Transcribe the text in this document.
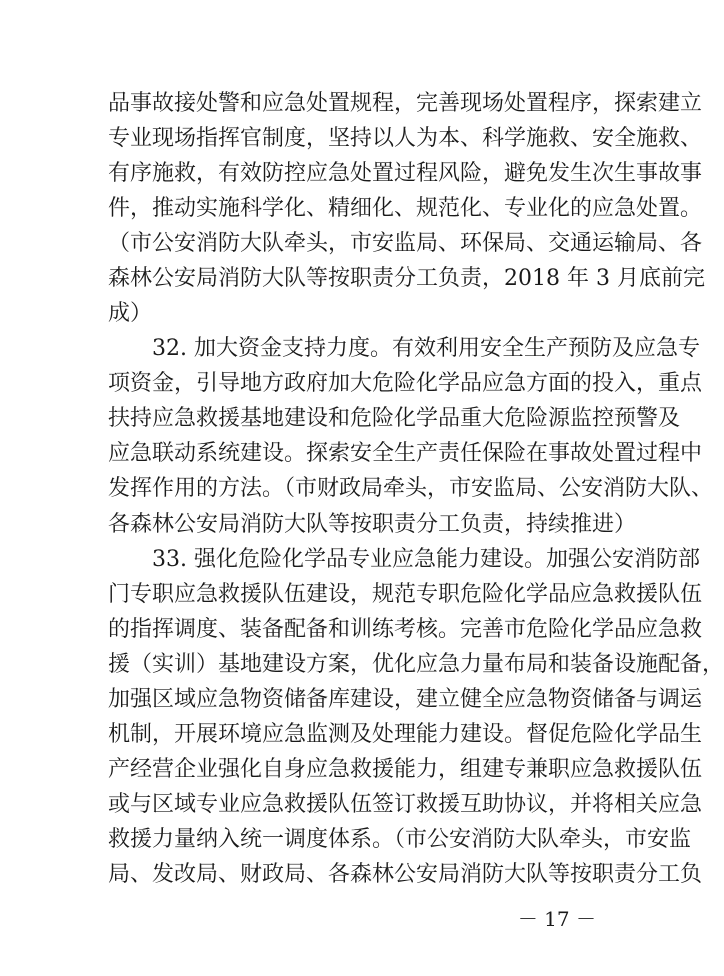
品事故接处警和应急处置规程，完善现场处置程序，探索建立
专业现场指挥官制度，坚持以人为本、科学施救、安全施救、
有序施救，有效防控应急处置过程风险，避免发生次生事故事
件，推动实施科学化、精细化、规范化、专业化的应急处置。
（市公安消防大队牵头，市安监局、环保局、交通运输局、各
森林公安局消防大队等按职责分工负责，2018 年 3 月底前完
成）
32. 加大资金支持力度。有效利用安全生产预防及应急专
项资金，引导地方政府加大危险化学品应急方面的投入，重点
扶持应急救援基地建设和危险化学品重大危险源监控预警及
应急联动系统建设。探索安全生产责任保险在事故处置过程中
发挥作用的方法。（市财政局牵头，市安监局、公安消防大队、
各森林公安局消防大队等按职责分工负责，持续推进）
33. 强化危险化学品专业应急能力建设。加强公安消防部
门专职应急救援队伍建设，规范专职危险化学品应急救援队伍
的指挥调度、装备配备和训练考核。完善市危险化学品应急救
援（实训）基地建设方案，优化应急力量布局和装备设施配备，
加强区域应急物资储备库建设，建立健全应急物资储备与调运
机制，开展环境应急监测及处理能力建设。督促危险化学品生
产经营企业强化自身应急救援能力，组建专兼职应急救援队伍
或与区域专业应急救援队伍签订救援互助协议，并将相关应急
救援力量纳入统一调度体系。（市公安消防大队牵头，市安监
局、发改局、财政局、各森林公安局消防大队等按职责分工负
－ 17 －
